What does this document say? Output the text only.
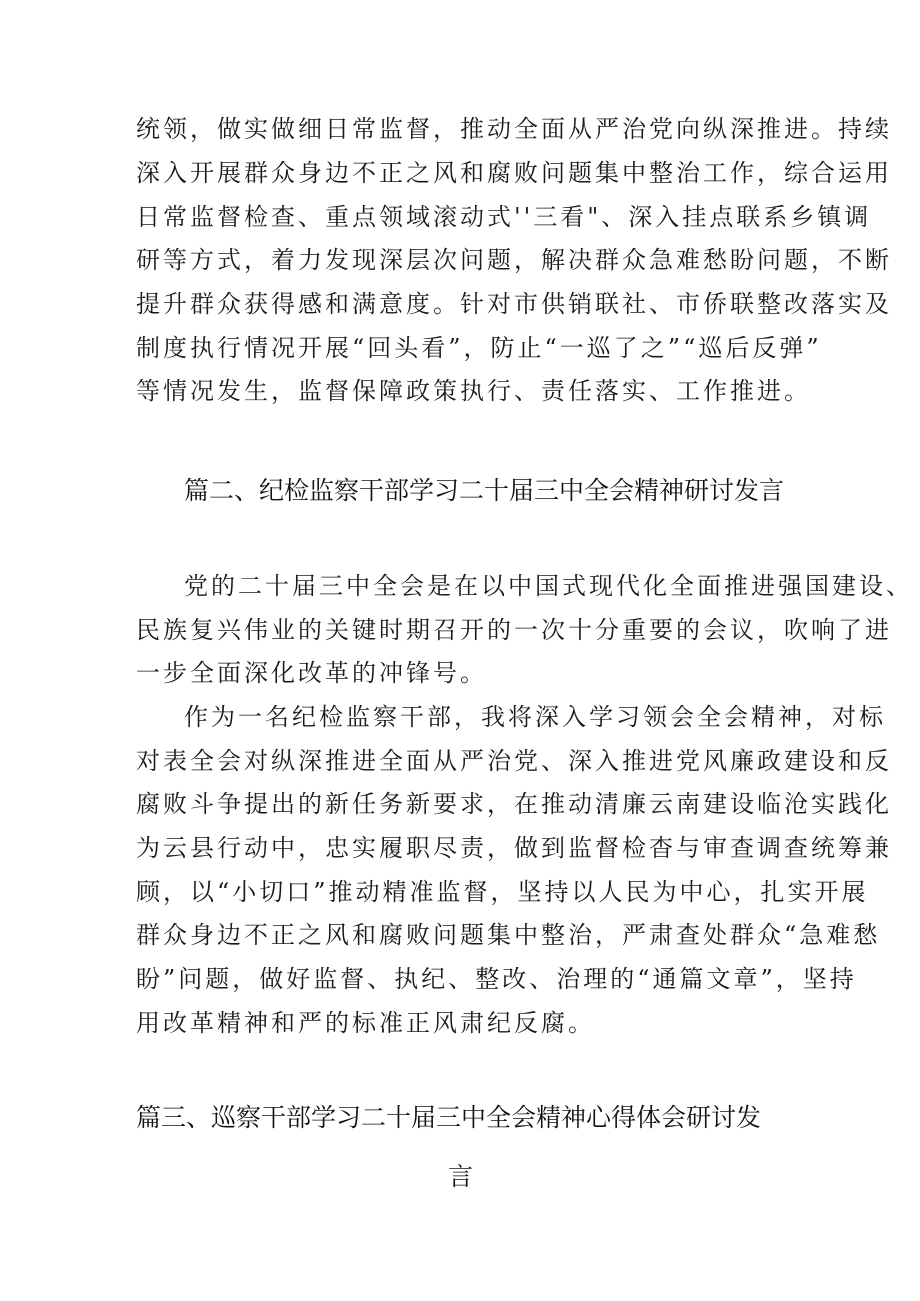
统领，做实做细日常监督，推动全面从严治党向纵深推进。持续
深入开展群众身边不正之风和腐败问题集中整治工作，综合运用
日常监督检查、重点领域滚动式''三看"、深入挂点联系乡镇调
研等方式，着力发现深层次问题，解决群众急难愁盼问题，不断
提升群众获得感和满意度。针对市供销联社、市侨联整改落实及
制度执行情况开展“回头看”，防止“一巡了之”“巡后反弹”
等情况发生，监督保障政策执行、责任落实、工作推进。
篇二、纪检监察干部学习二十届三中全会精神研讨发言
党的二十届三中全会是在以中国式现代化全面推进强国建设、
民族复兴伟业的关键时期召开的一次十分重要的会议，吹响了进
一步全面深化改革的冲锋号。
作为一名纪检监察干部，我将深入学习领会全会精神，对标
对表全会对纵深推进全面从严治党、深入推进党风廉政建设和反
腐败斗争提出的新任务新要求，在推动清廉云南建设临沧实践化
为云县行动中，忠实履职尽责，做到监督检杳与审查调查统筹兼
顾，以“小切口”推动精准监督，坚持以人民为中心，扎实开展
群众身边不正之风和腐败问题集中整治，严肃查处群众“急难愁
盼”问题，做好监督、执纪、整改、治理的“通篇文章”，坚持
用改革精神和严的标准正风肃纪反腐。
篇三、巡察干部学习二十届三中全会精神心得体会研讨发
言
